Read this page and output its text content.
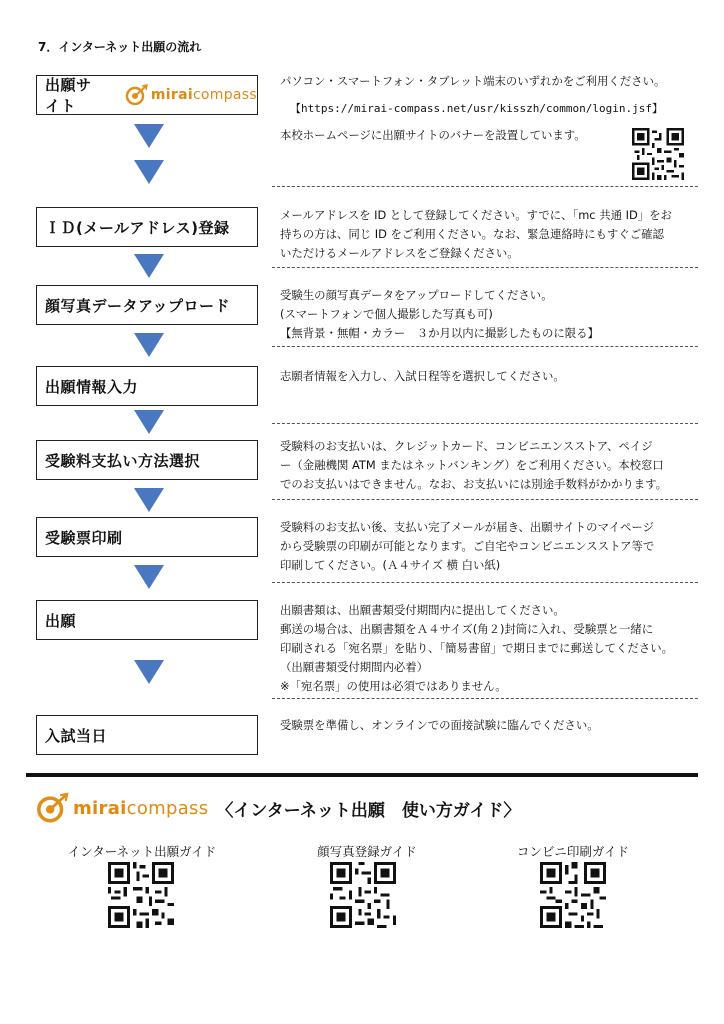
7．インターネット出願の流れ
出願サイト
miraicompass
パソコン・スマートフォン・タブレット端末のいずれかをご利用ください。
【https://mirai-compass.net/usr/kisszh/common/login.jsf】
本校ホームページに出願サイトのバナーを設置しています。
ＩＤ(メールアドレス)登録
メールアドレスを ID として登録してください。すでに、「mc 共通 ID」をお
持ちの方は、同じ ID をご利用ください。なお、緊急連絡時にもすぐご確認
いただけるメールアドレスをご登録ください。
顔写真データアップロード
受験生の顔写真データをアップロードしてください。
(スマートフォンで個人撮影した写真も可)
【無背景・無帽・カラー　３か月以内に撮影したものに限る】
出願情報入力
志願者情報を入力し、入試日程等を選択してください。
受験料支払い方法選択
受験料のお支払いは、クレジットカード、コンビニエンスストア、ペイジ
ー（金融機関 ATM またはネットバンキング）をご利用ください。本校窓口
でのお支払いはできません。なお、お支払いには別途手数料がかかります。
受験票印刷
受験料のお支払い後、支払い完了メールが届き、出願サイトのマイページ
から受験票の印刷が可能となります。ご自宅やコンビニエンスストア等で
印刷してください。(Ａ４サイズ 横 白い紙)
出願
出願書類は、出願書類受付期間内に提出してください。
郵送の場合は、出願書類をＡ４サイズ(角２)封筒に入れ、受験票と一緒に
印刷される「宛名票」を貼り、「簡易書留」で期日までに郵送してください。
（出願書類受付期間内必着）
※「宛名票」の使用は必須ではありません。
入試当日
受験票を準備し、オンラインでの面接試験に臨んでください。
miraicompass 〈インターネット出願　使い方ガイド〉
インターネット出願ガイド	顔写真登録ガイド	コンビニ印刷ガイド
